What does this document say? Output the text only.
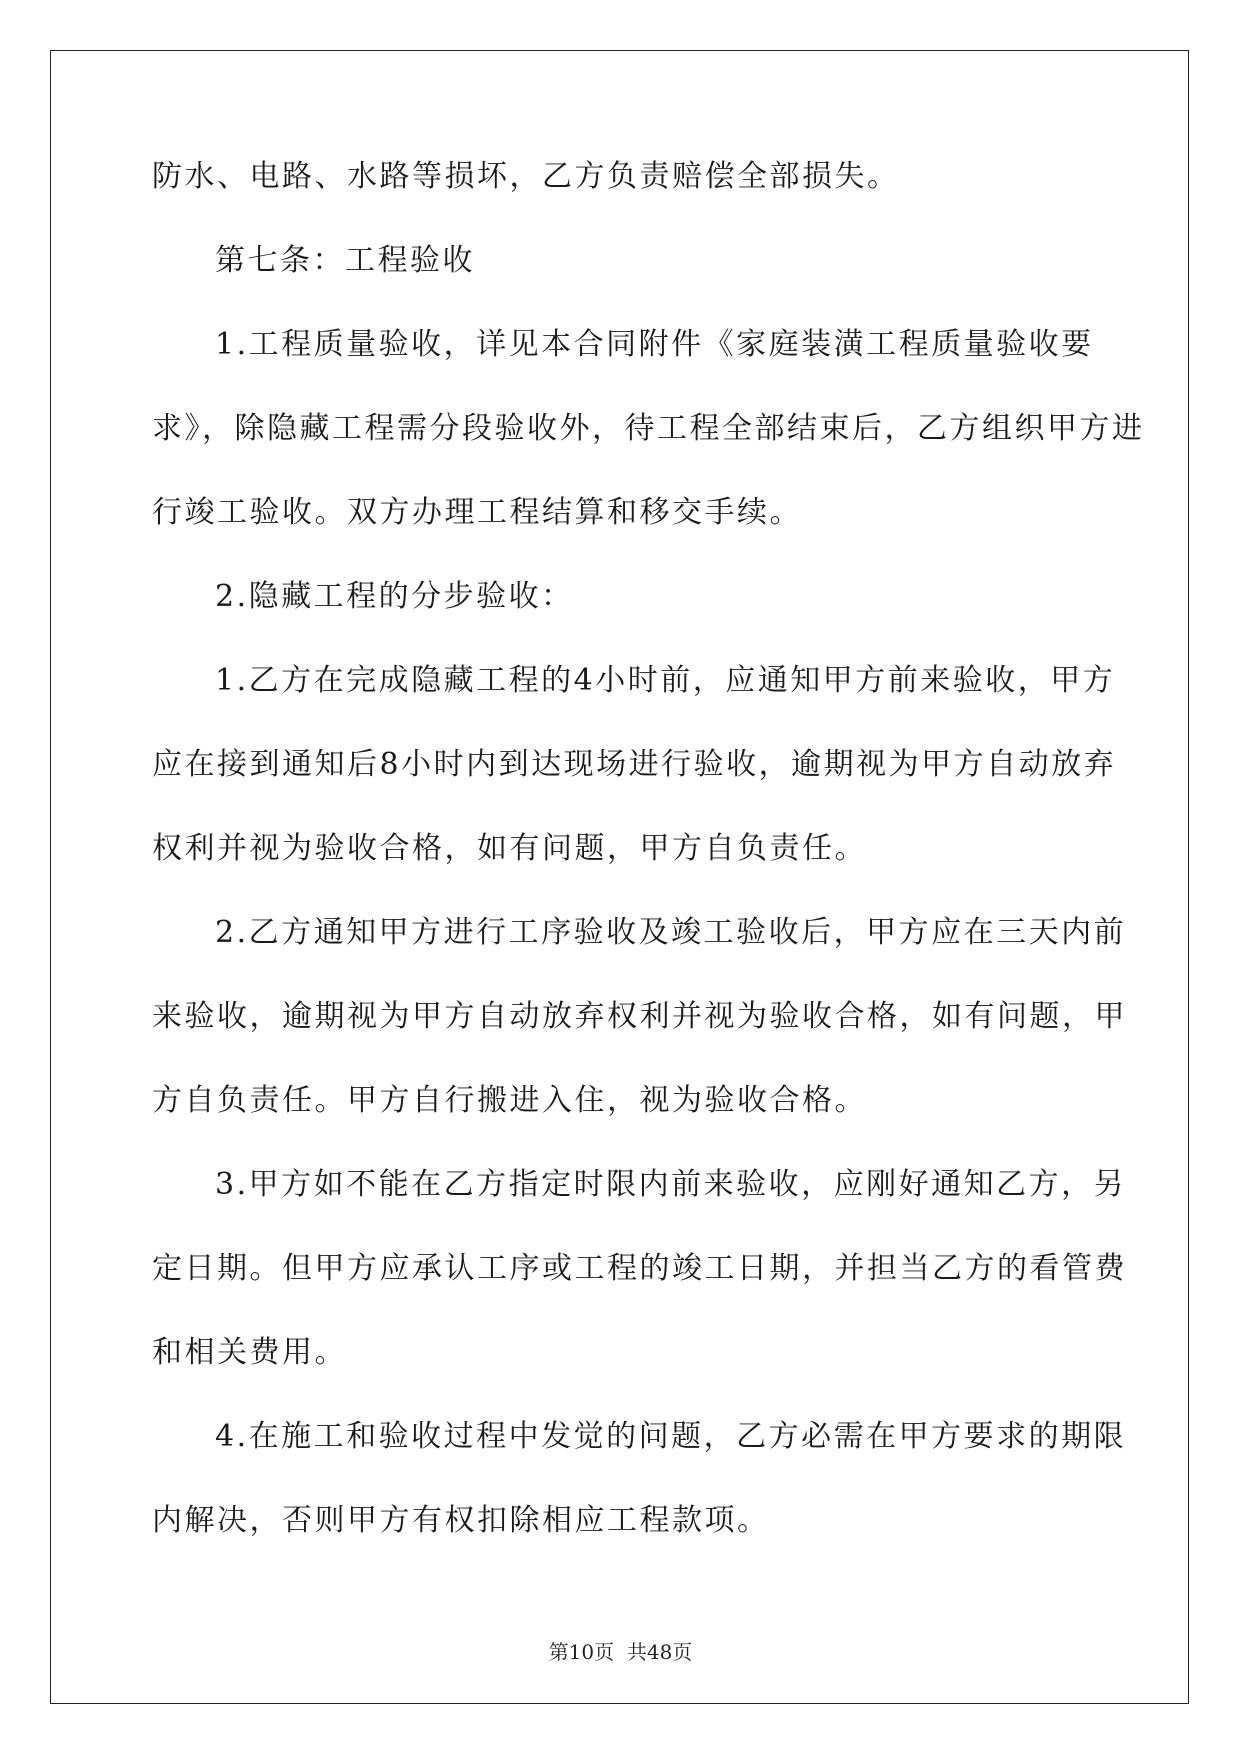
防水、电路、水路等损坏，乙方负责赔偿全部损失。
第七条：工程验收
1.工程质量验收，详见本合同附件《家庭装潢工程质量验收要
求》，除隐藏工程需分段验收外，待工程全部结束后，乙方组织甲方进
行竣工验收。双方办理工程结算和移交手续。
2.隐藏工程的分步验收：
1.乙方在完成隐藏工程的4小时前，应通知甲方前来验收，甲方
应在接到通知后8小时内到达现场进行验收，逾期视为甲方自动放弃
权利并视为验收合格，如有问题，甲方自负责任。
2.乙方通知甲方进行工序验收及竣工验收后，甲方应在三天内前
来验收，逾期视为甲方自动放弃权利并视为验收合格，如有问题，甲
方自负责任。甲方自行搬进入住，视为验收合格。
3.甲方如不能在乙方指定时限内前来验收，应刚好通知乙方，另
定日期。但甲方应承认工序或工程的竣工日期，并担当乙方的看管费
和相关费用。
4.在施工和验收过程中发觉的问题，乙方必需在甲方要求的期限
内解决，否则甲方有权扣除相应工程款项。
第10页  共48页
